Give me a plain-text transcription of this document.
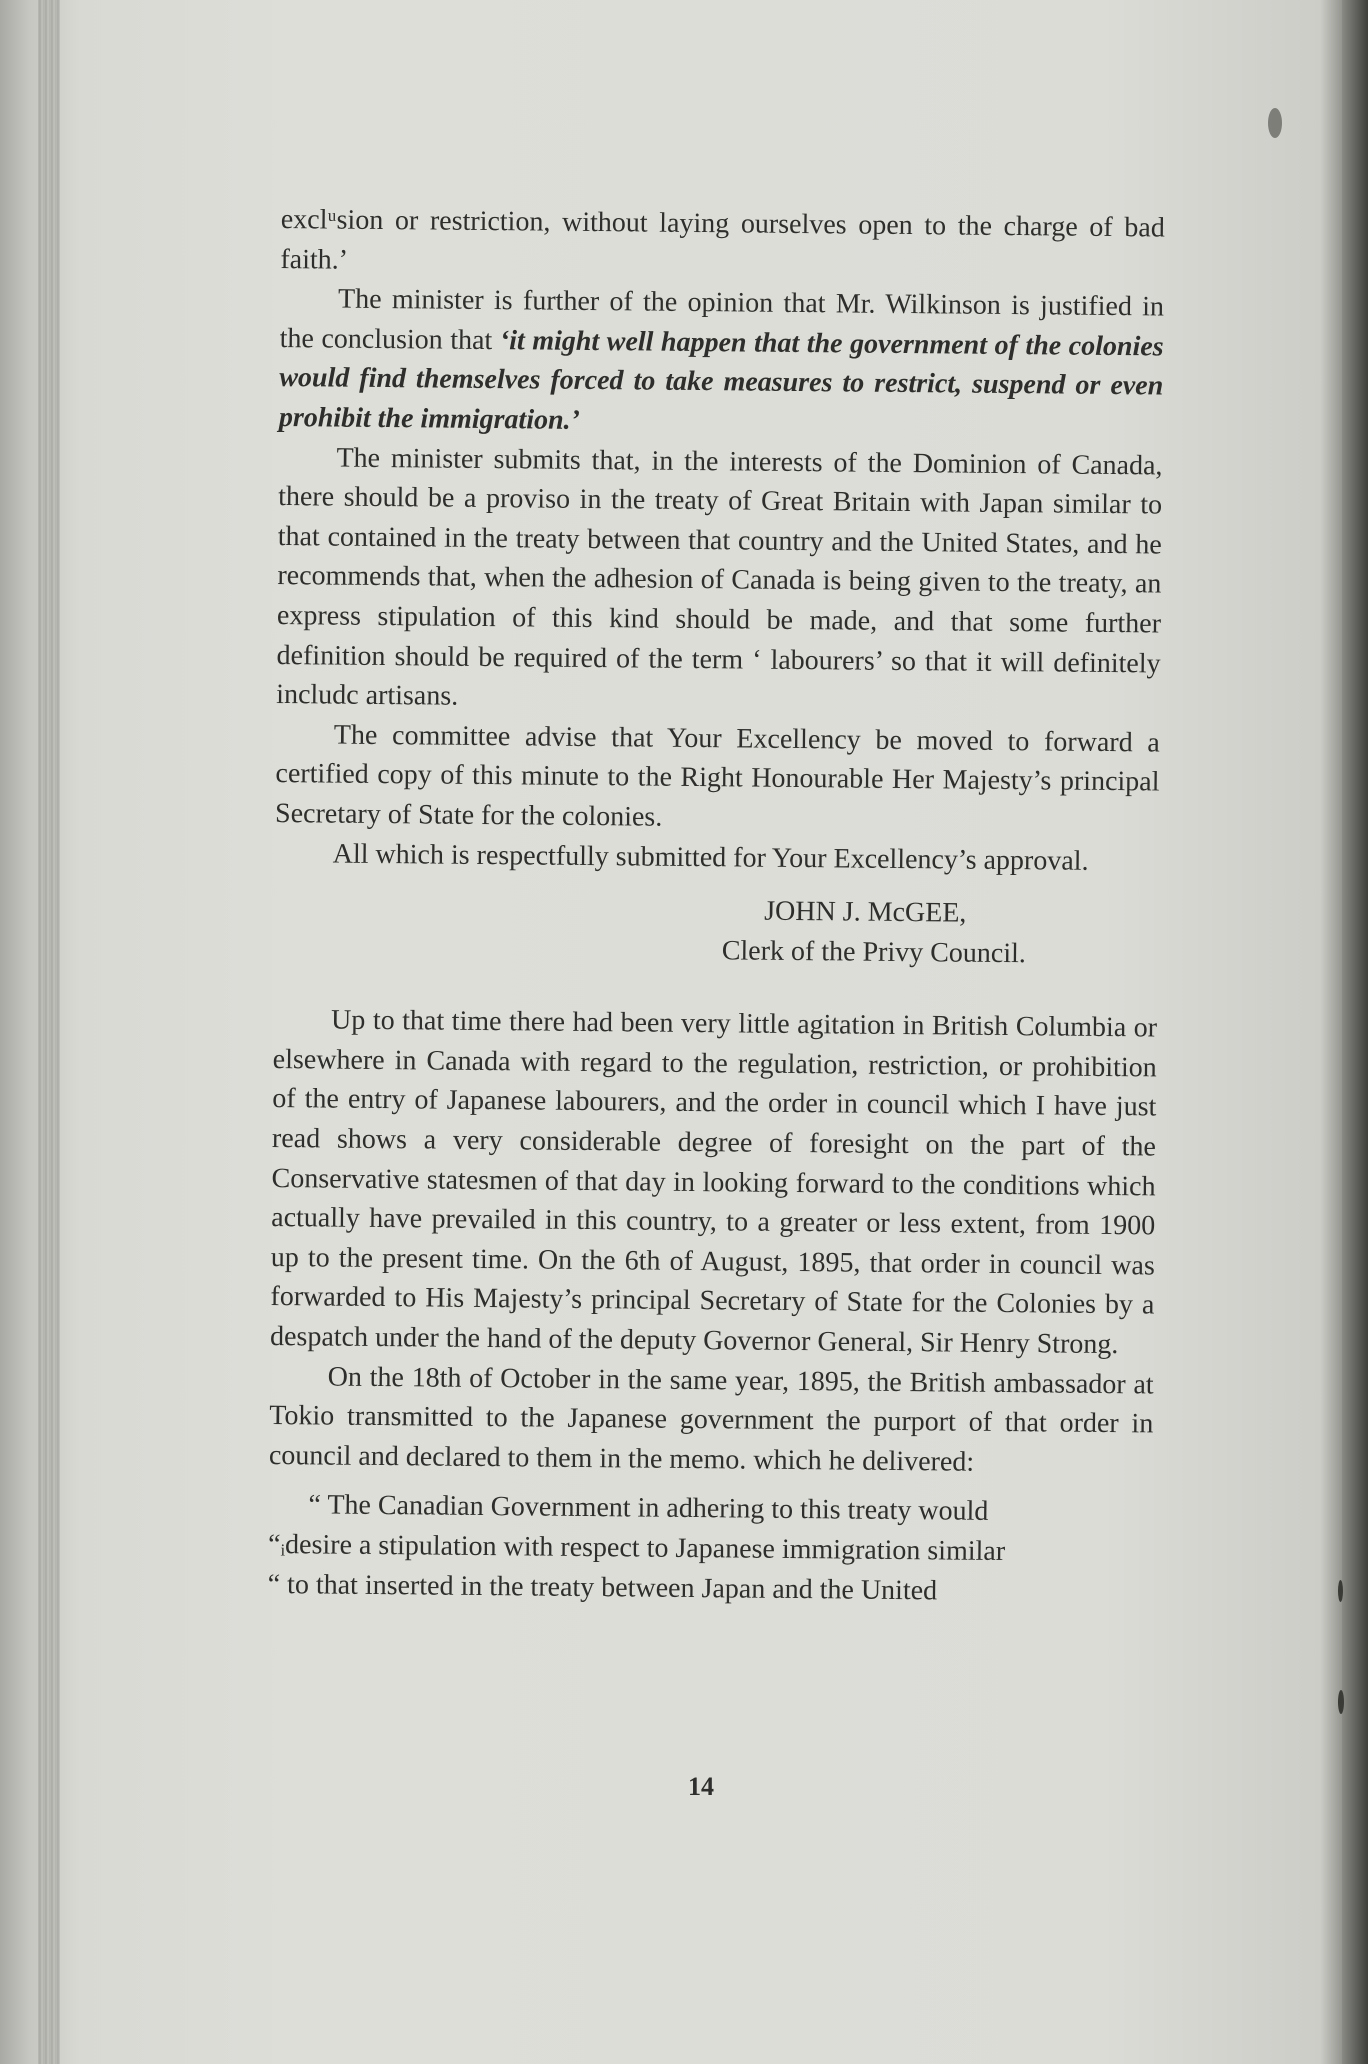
exclᵘsion or restriction, without laying ourselves open to the charge of bad faith.’

The minister is further of the opinion that Mr. Wilkinson is justified in the conclusion that ‘it might well happen that the government of the colonies would find themselves forced to take measures to restrict, suspend or even prohibit the immigration.’

The minister submits that, in the interests of the Dominion of Canada, there should be a proviso in the treaty of Great Britain with Japan similar to that contained in the treaty between that country and the United States, and he recommends that, when the adhesion of Canada is being given to the treaty, an express stipulation of this kind should be made, and that some further definition should be required of the term ‘ labourers’ so that it will definitely includc artisans.

The committee advise that Your Excellency be moved to forward a certified copy of this minute to the Right Honourable Her Majesty’s principal Secretary of State for the colonies.

All which is respectfully submitted for Your Excellency’s approval.

JOHN J. McGEE,
Clerk of the Privy Council.

Up to that time there had been very little agitation in British Columbia or elsewhere in Canada with regard to the regulation, restriction, or prohibition of the entry of Japanese labourers, and the order in council which I have just read shows a very considerable degree of foresight on the part of the Conservative statesmen of that day in looking forward to the conditions which actually have prevailed in this country, to a greater or less extent, from 1900 up to the present time. On the 6th of August, 1895, that order in council was forwarded to His Majesty’s principal Secretary of State for the Colonies by a despatch under the hand of the deputy Governor General, Sir Henry Strong.

On the 18th of October in the same year, 1895, the British ambassador at Tokio transmitted to the Japanese government the purport of that order in council and declared to them in the memo. which he delivered:

“ The Canadian Government in adhering to this treaty would
“ᵢdesire a stipulation with respect to Japanese immigration similar
“ to that inserted in the treaty between Japan and the United
14
